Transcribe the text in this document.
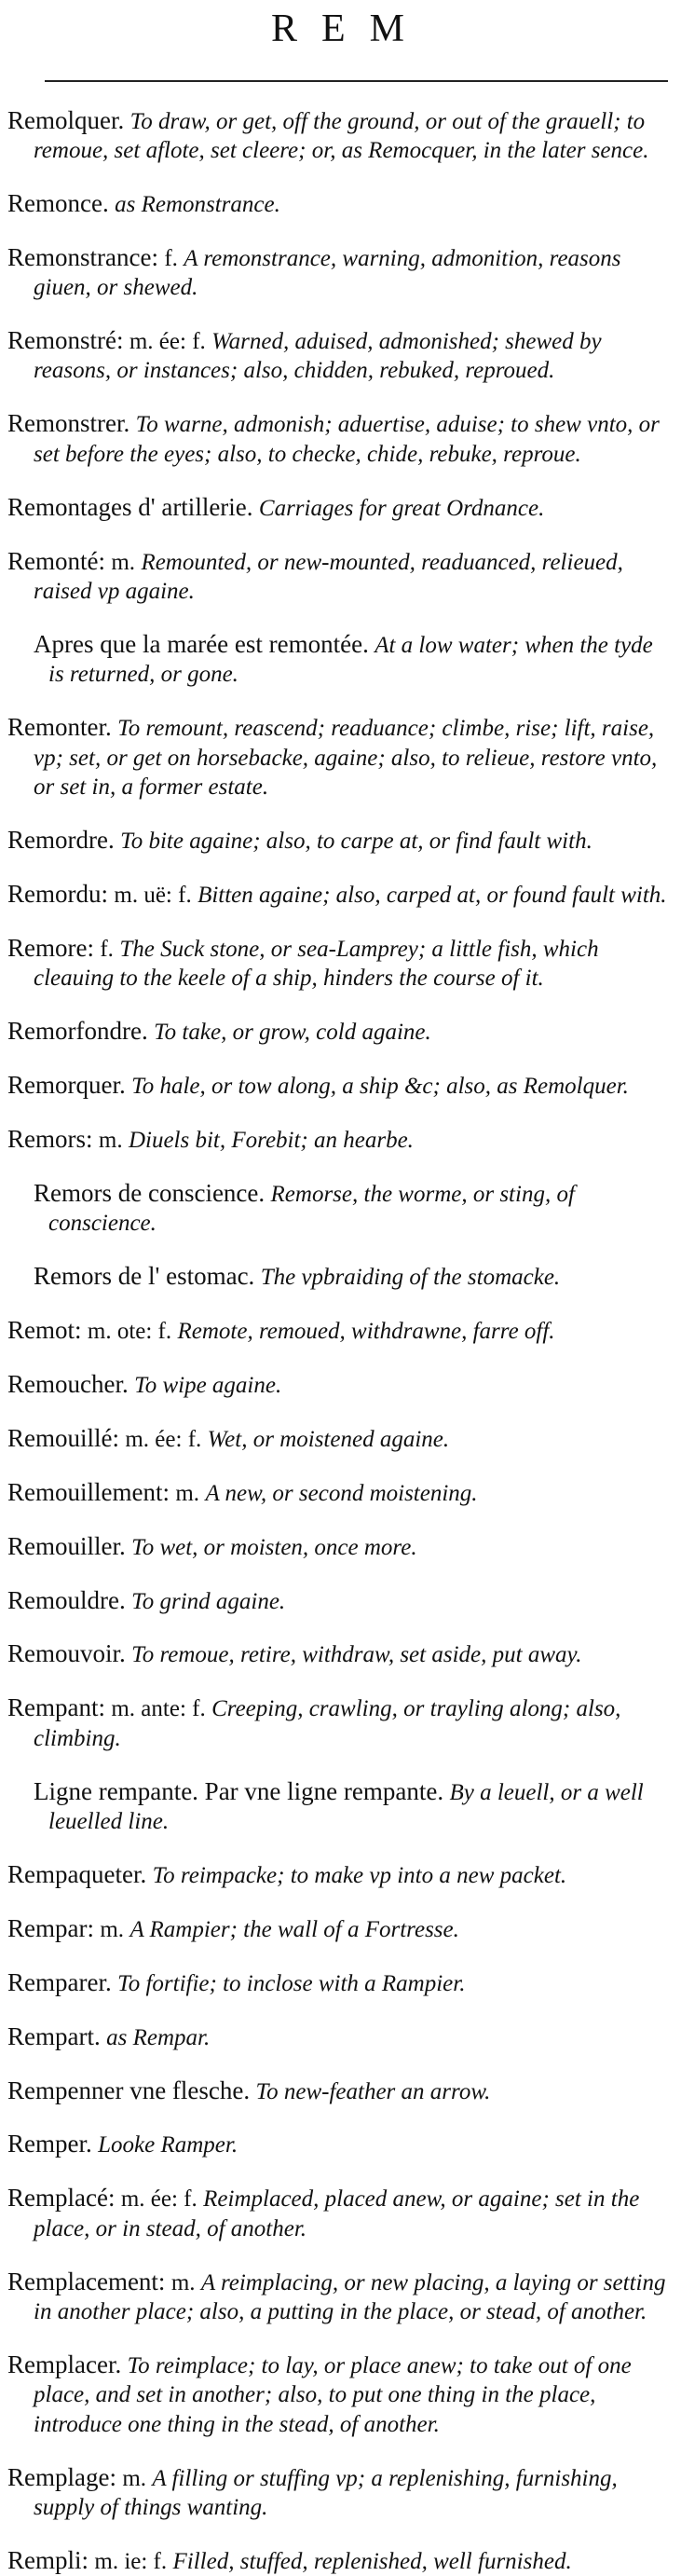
REM

Remolquer. To draw, or get, off the ground, or out of the grauell; to remoue, set aflote, set cleere; or, as Remocquer, in the later sence.

Remonce. as Remonstrance.

Remonstrance: f. A remonstrance, warning, admonition, reasons giuen, or shewed.

Remonstré: m. ée: f. Warned, aduised, admonished; shewed by reasons, or instances; also, chidden, rebuked, reproued.

Remonstrer. To warne, admonish; aduertise, aduise; to shew vnto, or set before the eyes; also, to checke, chide, rebuke, reproue.

Remontages d' artillerie. Carriages for great Ordnance.

Remonté: m. Remounted, or new-mounted, readuanced, relieued, raised vp againe.

Apres que la marée est remontée. At a low water; when the tyde is returned, or gone.

Remonter. To remount, reascend; readuance; climbe, rise; lift, raise, vp; set, or get on horsebacke, againe; also, to relieue, restore vnto, or set in, a former estate.

Remordre. To bite againe; also, to carpe at, or find fault with.

Remordu: m. uë: f. Bitten againe; also, carped at, or found fault with.

Remore: f. The Suck stone, or sea-Lamprey; a little fish, which cleauing to the keele of a ship, hinders the course of it.

Remorfondre. To take, or grow, cold againe.

Remorquer. To hale, or tow along, a ship &c; also, as Remolquer.

Remors: m. Diuels bit, Forebit; an hearbe.

Remors de conscience. Remorse, the worme, or sting, of conscience.

Remors de l' estomac. The vpbraiding of the stomacke.

Remot: m. ote: f. Remote, remoued, withdrawne, farre off.

Remoucher. To wipe againe.

Remouillé: m. ée: f. Wet, or moistened againe.

Remouillement: m. A new, or second moistening.

Remouiller. To wet, or moisten, once more.

Remouldre. To grind againe.

Remouvoir. To remoue, retire, withdraw, set aside, put away.

Rempant: m. ante: f. Creeping, crawling, or trayling along; also, climbing.

Ligne rempante. Par vne ligne rempante. By a leuell, or a well leuelled line.

Rempaqueter. To reimpacke; to make vp into a new packet.

Rempar: m. A Rampier; the wall of a Fortresse.

Remparer. To fortifie; to inclose with a Rampier.

Rempart. as Rempar.

Rempenner vne flesche. To new-feather an arrow.

Remper. Looke Ramper.

Remplacé: m. ée: f. Reimplaced, placed anew, or againe; set in the place, or in stead, of another.

Remplacement: m. A reimplacing, or new placing, a laying or setting in another place; also, a putting in the place, or stead, of another.

Remplacer. To reimplace; to lay, or place anew; to take out of one place, and set in another; also, to put one thing in the place, introduce one thing in the stead, of another.

Remplage: m. A filling or stuffing vp; a replenishing, furnishing, supply of things wanting.

Rempli: m. ie: f. Filled, stuffed, replenished, well furnished.
